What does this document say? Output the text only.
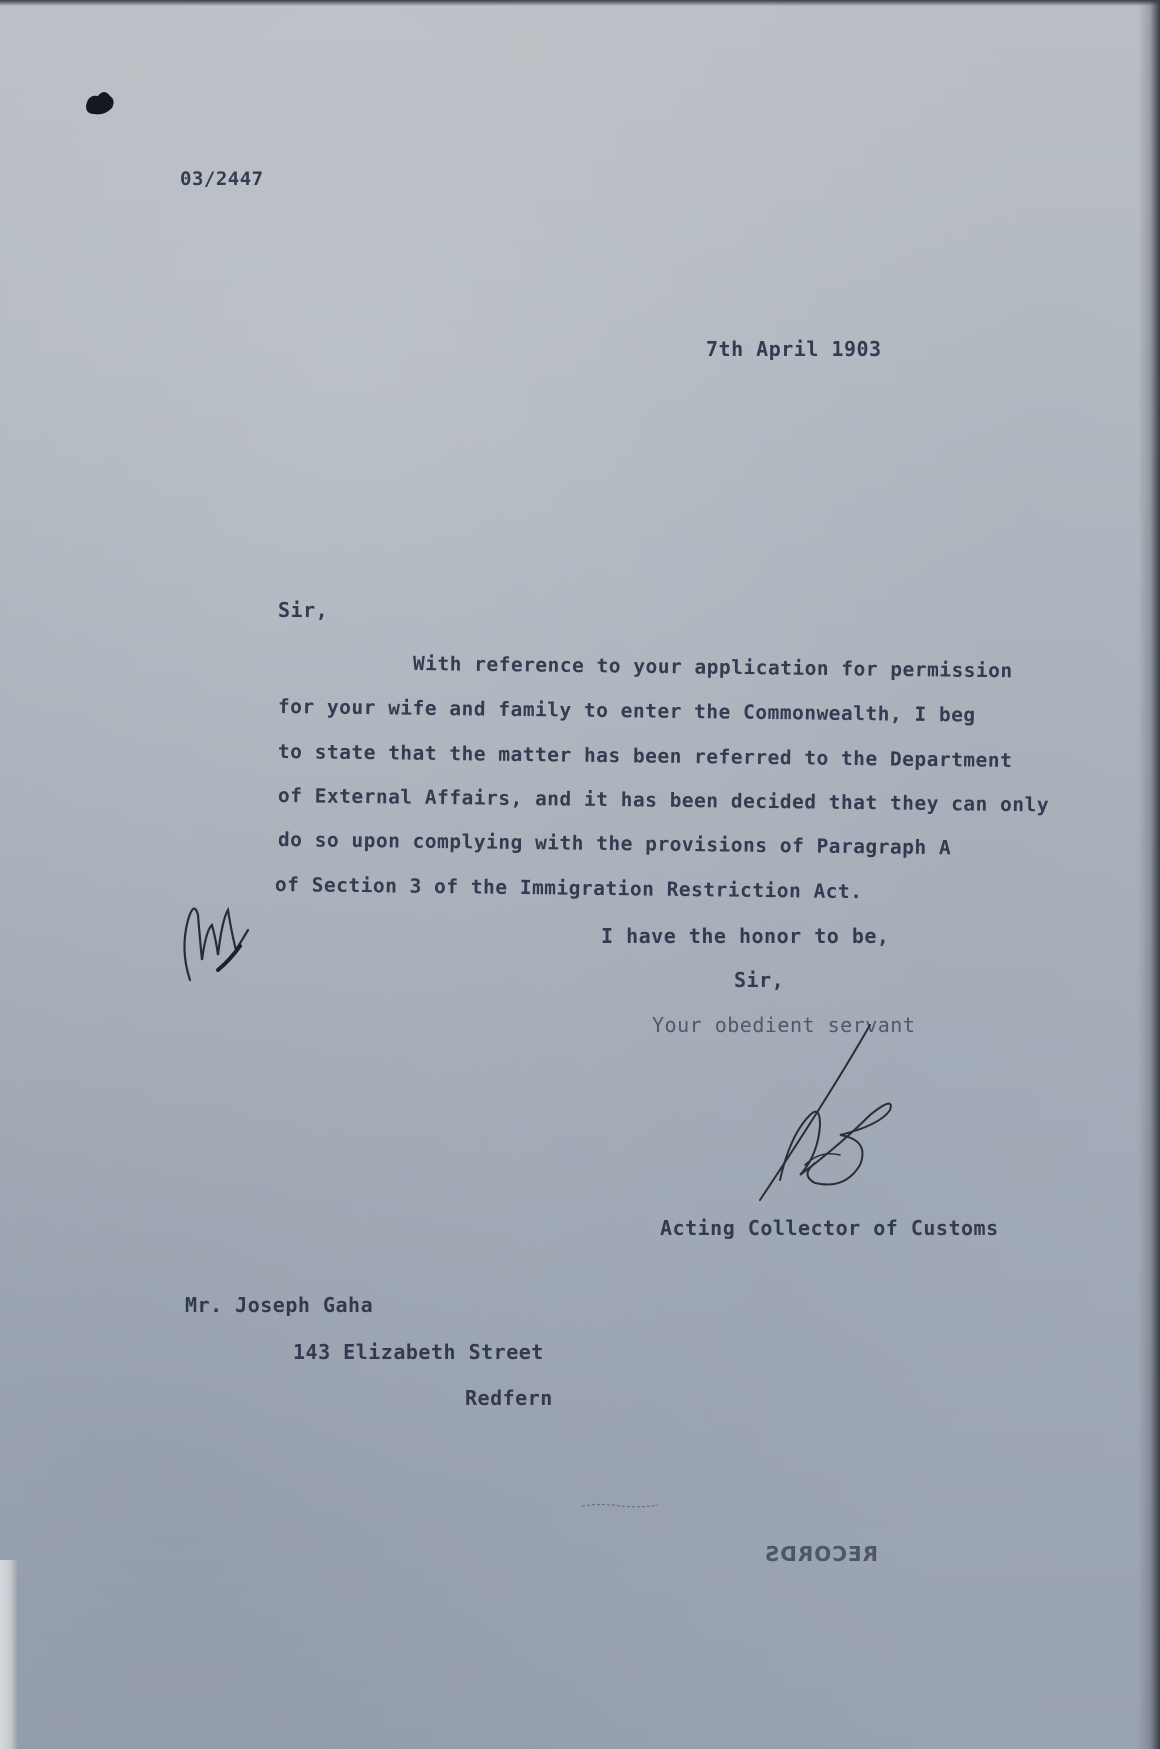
03/2447
7th April 1903
Sir,
With reference to your application for permission
for your wife and family to enter the Commonwealth, I beg
to state that the matter has been referred to the Department
of External Affairs, and it has been decided that they can only
do so upon complying with the provisions of Paragraph A
of Section 3 of the Immigration Restriction Act.
I have the honor to be,
Sir,
Your obedient servant
Acting Collector of Customs
Mr. Joseph Gaha
143 Elizabeth Street
Redfern
RECORDS
